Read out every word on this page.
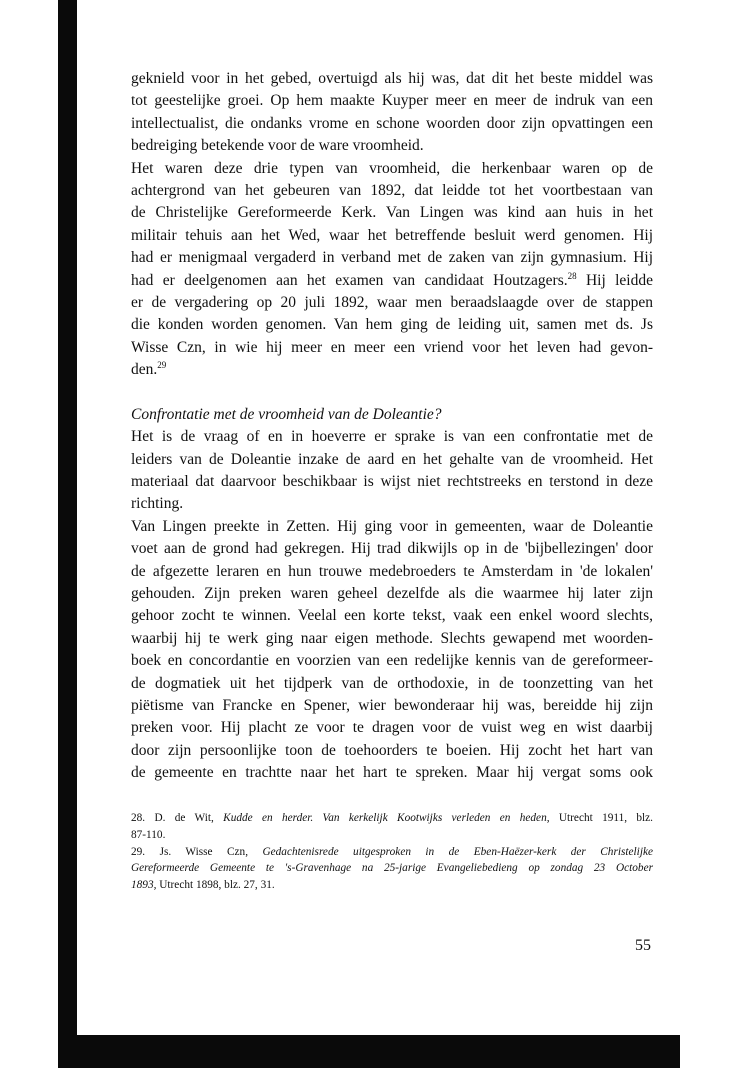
geknield voor in het gebed, overtuigd als hij was, dat dit het beste middel was
tot geestelijke groei. Op hem maakte Kuyper meer en meer de indruk van een
intellectualist, die ondanks vrome en schone woorden door zijn opvattingen een
bedreiging betekende voor de ware vroomheid.

Het waren deze drie typen van vroomheid, die herkenbaar waren op de
achtergrond van het gebeuren van 1892, dat leidde tot het voortbestaan van
de Christelijke Gereformeerde Kerk. Van Lingen was kind aan huis in het
militair tehuis aan het Wed, waar het betreffende besluit werd genomen. Hij
had er menigmaal vergaderd in verband met de zaken van zijn gymnasium. Hij
had er deelgenomen aan het examen van candidaat Houtzagers.$^{28}$ Hij leidde
er de vergadering op 20 juli 1892, waar men beraadslaagde over de stappen
die konden worden genomen. Van hem ging de leiding uit, samen met ds. Js
Wisse Czn, in wie hij meer en meer een vriend voor het leven had gevon-
den.$^{29}$

Confrontatie met de vroomheid van de Doleantie?

Het is de vraag of en in hoeverre er sprake is van een confrontatie met de
leiders van de Doleantie inzake de aard en het gehalte van de vroomheid. Het
materiaal dat daarvoor beschikbaar is wijst niet rechtstreeks en terstond in deze
richting.

Van Lingen preekte in Zetten. Hij ging voor in gemeenten, waar de Doleantie
voet aan de grond had gekregen. Hij trad dikwijls op in de 'bijbellezingen' door
de afgezette leraren en hun trouwe medebroeders te Amsterdam in 'de lokalen'
gehouden. Zijn preken waren geheel dezelfde als die waarmee hij later zijn
gehoor zocht te winnen. Veelal een korte tekst, vaak een enkel woord slechts,
waarbij hij te werk ging naar eigen methode. Slechts gewapend met woorden-
boek en concordantie en voorzien van een redelijke kennis van de gereformeer-
de dogmatiek uit het tijdperk van de orthodoxie, in de toonzetting van het
piëtisme van Francke en Spener, wier bewonderaar hij was, bereidde hij zijn
preken voor. Hij placht ze voor te dragen voor de vuist weg en wist daarbij
door zijn persoonlijke toon de toehoorders te boeien. Hij zocht het hart van
de gemeente en trachtte naar het hart te spreken. Maar hij vergat soms ook

28. D. de Wit, Kudde en herder. Van kerkelijk Kootwijks verleden en heden, Utrecht 1911, blz.
87-110.

29. Js. Wisse Czn, Gedachtenisrede uitgesproken in de Eben-Haëzer-kerk der Christelijke
Gereformeerde Gemeente te 's-Gravenhage na 25-jarige Evangeliebedieng op zondag 23 October
1893, Utrecht 1898, blz. 27, 31.

55
